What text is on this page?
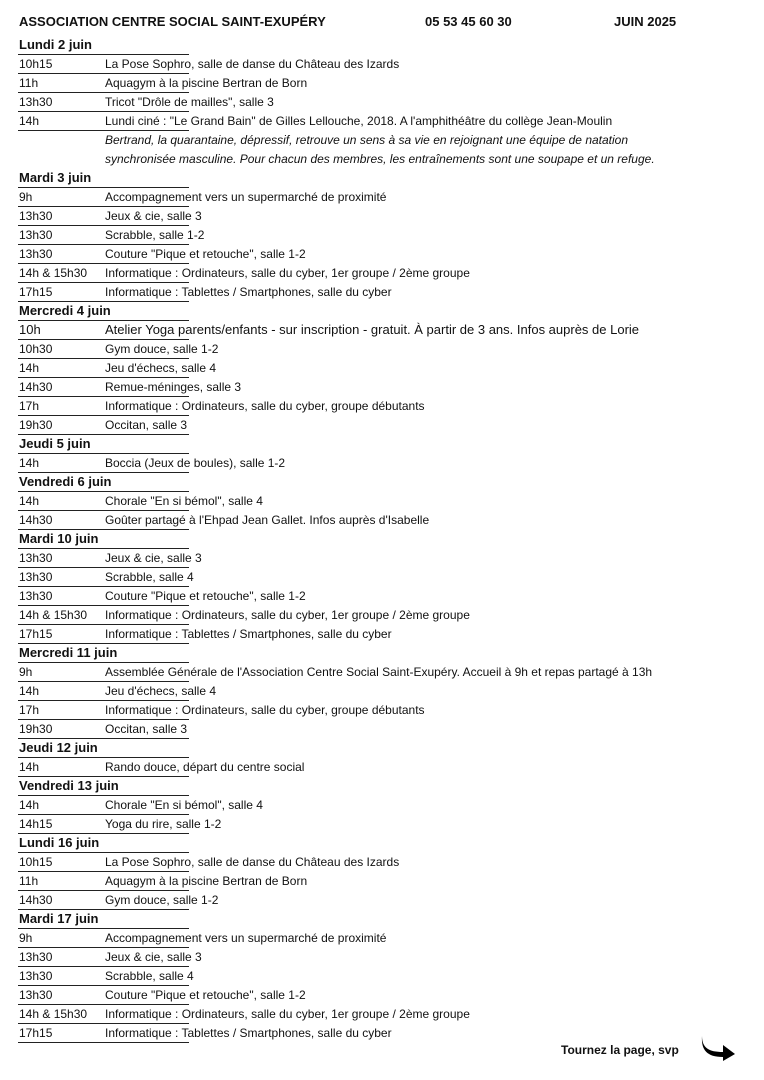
ASSOCIATION CENTRE SOCIAL SAINT-EXUPÉRY	05 53 45 60 30	JUIN 2025
Lundi 2 juin
10h15	La Pose Sophro, salle de danse du Château des Izards
11h	Aquagym à la piscine Bertran de Born
13h30	Tricot "Drôle de mailles", salle 3
14h	Lundi ciné : "Le Grand Bain" de Gilles Lellouche, 2018. A l'amphithéâtre du collège Jean-Moulin
Bertrand, la quarantaine, dépressif, retrouve un sens à sa vie en rejoignant une équipe de natation
synchronisée masculine. Pour chacun des membres, les entraînements sont une soupape et un refuge.
Mardi 3 juin
9h	Accompagnement vers un supermarché de proximité
13h30	Jeux & cie, salle 3
13h30	Scrabble, salle 1-2
13h30	Couture "Pique et retouche", salle 1-2
14h & 15h30 Informatique : Ordinateurs, salle du cyber, 1er groupe / 2ème groupe
17h15	Informatique : Tablettes / Smartphones, salle du cyber
Mercredi 4 juin
10h	Atelier Yoga parents/enfants - sur inscription - gratuit. À partir de 3 ans. Infos auprès de Lorie
10h30	Gym douce, salle 1-2
14h	Jeu d'échecs, salle 4
14h30	Remue-méninges, salle 3
17h	Informatique : Ordinateurs, salle du cyber, groupe débutants
19h30	Occitan, salle 3
Jeudi 5 juin
14h	Boccia (Jeux de boules), salle 1-2
Vendredi 6 juin
14h	Chorale "En si bémol", salle 4
14h30	Goûter partagé à l'Ehpad Jean Gallet. Infos auprès d'Isabelle
Mardi 10 juin
13h30	Jeux & cie, salle 3
13h30	Scrabble, salle 4
13h30	Couture "Pique et retouche", salle 1-2
14h & 15h30 Informatique : Ordinateurs, salle du cyber, 1er groupe / 2ème groupe
17h15	Informatique : Tablettes / Smartphones, salle du cyber
Mercredi 11 juin
9h	Assemblée Générale de l'Association Centre Social Saint-Exupéry. Accueil à 9h et repas partagé à 13h
14h	Jeu d'échecs, salle 4
17h	Informatique : Ordinateurs, salle du cyber, groupe débutants
19h30	Occitan, salle 3
Jeudi 12 juin
14h	Rando douce, départ du centre social
Vendredi 13 juin
14h	Chorale "En si bémol", salle 4
14h15	Yoga du rire, salle 1-2
Lundi 16 juin
10h15	La Pose Sophro, salle de danse du Château des Izards
11h	Aquagym à la piscine Bertran de Born
14h30	Gym douce, salle 1-2
Mardi 17 juin
9h	Accompagnement vers un supermarché de proximité
13h30	Jeux & cie, salle 3
13h30	Scrabble, salle 4
13h30	Couture "Pique et retouche", salle 1-2
14h & 15h30 Informatique : Ordinateurs, salle du cyber, 1er groupe / 2ème groupe
17h15	Informatique : Tablettes / Smartphones, salle du cyber
Tournez la page, svp
